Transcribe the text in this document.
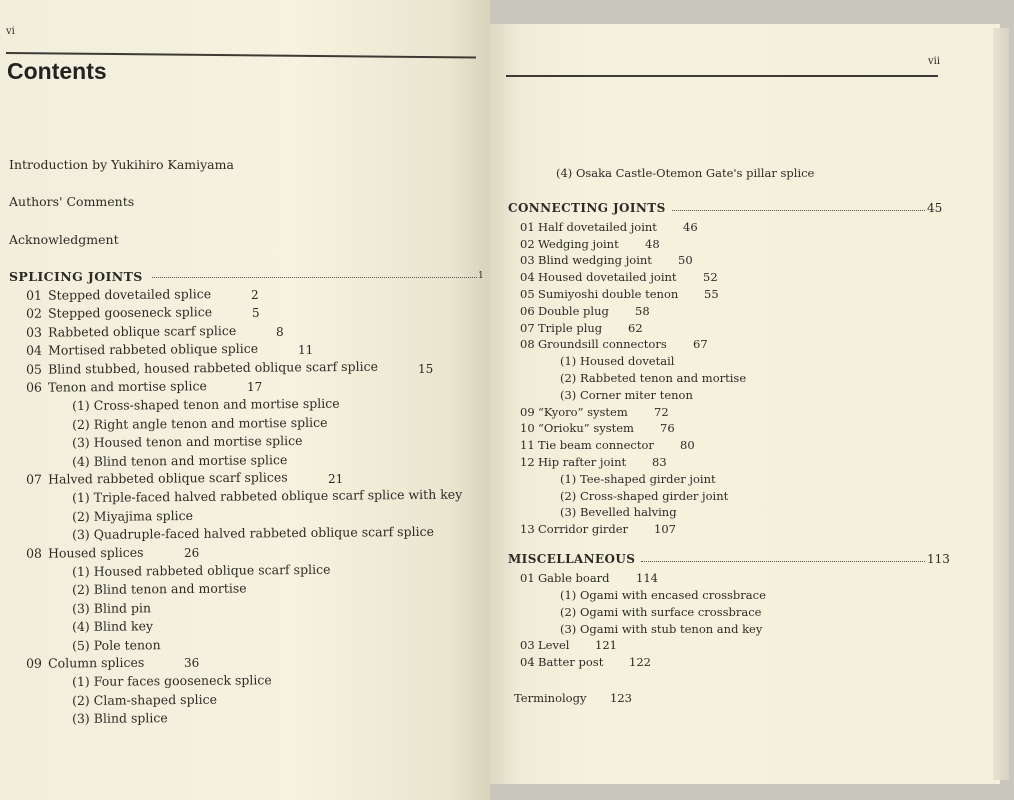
vi
Contents
Introduction by Yukihiro Kamiyama
Authors' Comments
Acknowledgment
SPLICING JOINTS	1
01 Stepped dovetailed splice	2
02 Stepped gooseneck splice	5
03 Rabbeted oblique scarf splice	8
04 Mortised rabbeted oblique splice	11
05 Blind stubbed, housed rabbeted oblique scarf splice	15
06 Tenon and mortise splice	17
(1) Cross-shaped tenon and mortise splice
(2) Right angle tenon and mortise splice
(3) Housed tenon and mortise splice
(4) Blind tenon and mortise splice
07 Halved rabbeted oblique scarf splices	21
(1) Triple-faced halved rabbeted oblique scarf splice with key
(2) Miyajima splice
(3) Quadruple-faced halved rabbeted oblique scarf splice
08 Housed splices	26
(1) Housed rabbeted oblique scarf splice
(2) Blind tenon and mortise
(3) Blind pin
(4) Blind key
(5) Pole tenon
09 Column splices	36
(1) Four faces gooseneck splice
(2) Clam-shaped splice
(3) Blind splice
vii
(4) Osaka Castle-Otemon Gate's pillar splice
CONNECTING JOINTS	45
01 Half dovetailed joint 46
02 Wedging joint 48
03 Blind wedging joint 50
04 Housed dovetailed joint 52
05 Sumiyoshi double tenon 55
06 Double plug 58
07 Triple plug 62
08 Groundsill connectors 67
(1) Housed dovetail
(2) Rabbeted tenon and mortise
(3) Corner miter tenon
09 “Kyoro” system 72
10 “Orioku” system 76
11 Tie beam connector 80
12 Hip rafter joint 83
(1) Tee-shaped girder joint
(2) Cross-shaped girder joint
(3) Bevelled halving
13 Corridor girder 107
MISCELLANEOUS	113
01 Gable board 114
(1) Ogami with encased crossbrace
(2) Ogami with surface crossbrace
(3) Ogami with stub tenon and key
03 Level 121
04 Batter post 122
Terminology 123
